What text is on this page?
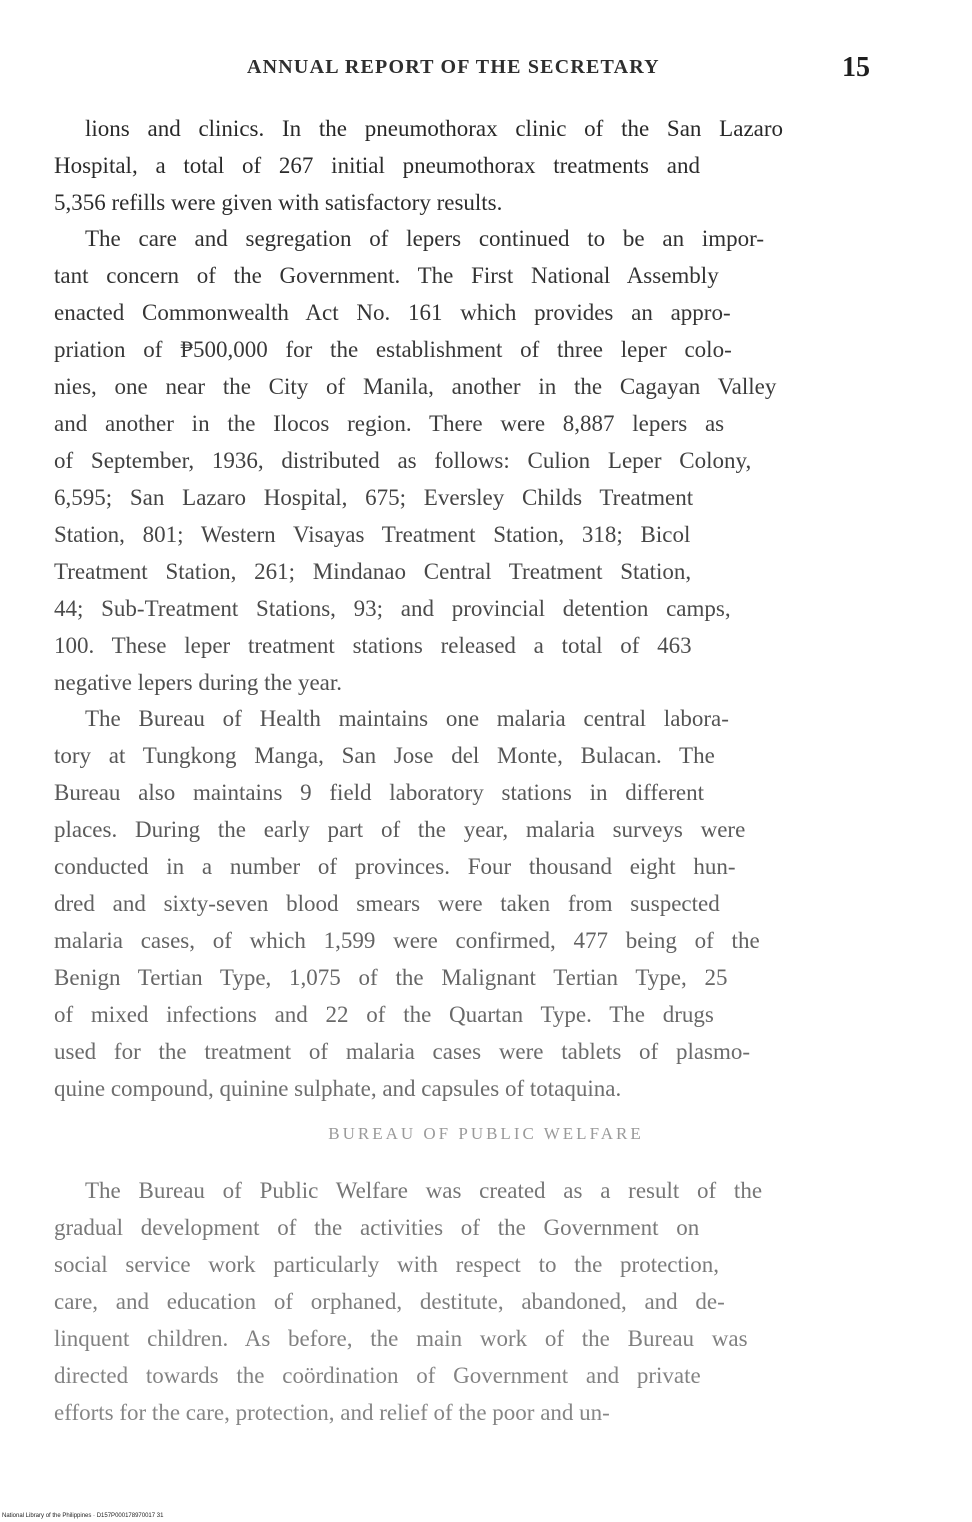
ANNUAL REPORT OF THE SECRETARY	15
lions and clinics. In the pneumothorax clinic of the San Lazaro
Hospital, a total of 267 initial pneumothorax treatments and
5,356 refills were given with satisfactory results.
The care and segregation of lepers continued to be an impor-
tant concern of the Government. The First National Assembly
enacted Commonwealth Act No. 161 which provides an appro-
priation of ₱500,000 for the establishment of three leper colo-
nies, one near the City of Manila, another in the Cagayan Valley
and another in the Ilocos region. There were 8,887 lepers as
of September, 1936, distributed as follows: Culion Leper Colony,
6,595; San Lazaro Hospital, 675; Eversley Childs Treatment
Station, 801; Western Visayas Treatment Station, 318; Bicol
Treatment Station, 261; Mindanao Central Treatment Station,
44; Sub-Treatment Stations, 93; and provincial detention camps,
100. These leper treatment stations released a total of 463
negative lepers during the year.
The Bureau of Health maintains one malaria central labora-
tory at Tungkong Manga, San Jose del Monte, Bulacan. The
Bureau also maintains 9 field laboratory stations in different
places. During the early part of the year, malaria surveys were
conducted in a number of provinces. Four thousand eight hun-
dred and sixty-seven blood smears were taken from suspected
malaria cases, of which 1,599 were confirmed, 477 being of the
Benign Tertian Type, 1,075 of the Malignant Tertian Type, 25
of mixed infections and 22 of the Quartan Type. The drugs
used for the treatment of malaria cases were tablets of plasmo-
quine compound, quinine sulphate, and capsules of totaquina.
BUREAU OF PUBLIC WELFARE
The Bureau of Public Welfare was created as a result of the
gradual development of the activities of the Government on
social service work particularly with respect to the protection,
care, and education of orphaned, destitute, abandoned, and de-
linquent children. As before, the main work of the Bureau was
directed towards the coördination of Government and private
efforts for the care, protection, and relief of the poor and un-
National Library of the Philippines · D157P000178970017 31
